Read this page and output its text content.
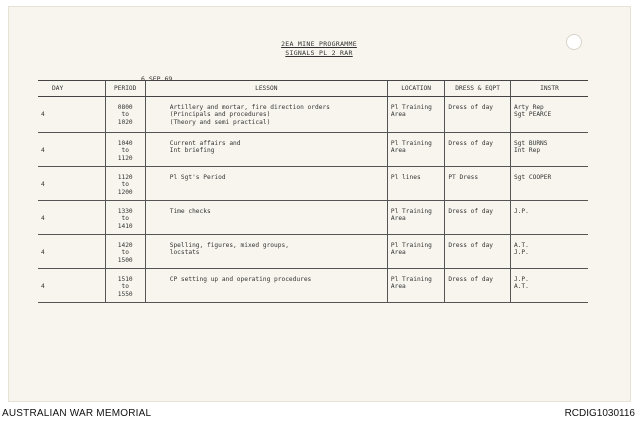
2EA MINE PROGRAMME
SIGNALS PL 2 RAR
6 SEP 69
DAY	PERIOD	LESSON	LOCATION	DRESS & EQPT	INSTR
4	0800
to
1020	Artillery and mortar, fire direction orders
(Principals and procedures)
(Theory and semi practical)	Pl Training
Area	Dress of day	Arty Rep
Sgt PEARCE

4	1040
to
1120	Current affairs and
Int briefing	Pl Training
Area	Dress of day	Sgt BURNS
Int Rep

4	1120
to
1200	Pl Sgt's Period	Pl lines	PT Dress	Sgt COOPER

4	1330
to
1410	Time checks	Pl Training
Area	Dress of day	J.P.

4	1420
to
1500	Spelling, figures, mixed groups,
locstats	Pl Training
Area	Dress of day	A.T.
J.P.

4	1510
to
1550	CP setting up and operating procedures	Pl Training
Area	Dress of day	J.P.
A.T.
AUSTRALIAN WAR MEMORIAL	RCDIG1030116
